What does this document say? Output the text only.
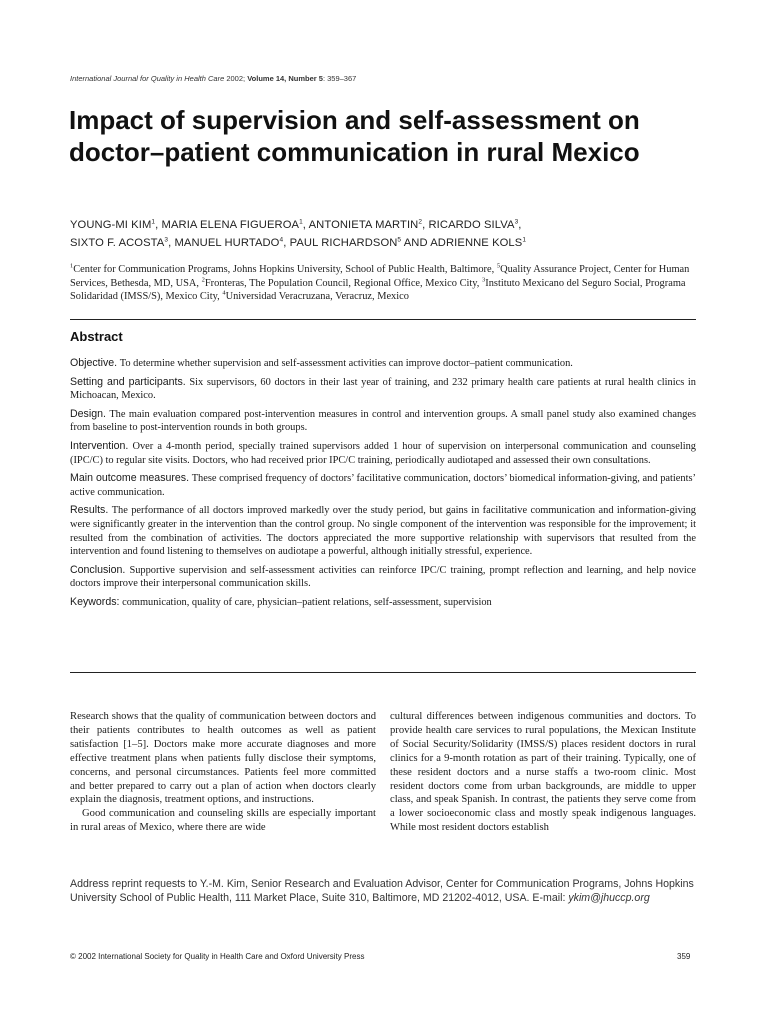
International Journal for Quality in Health Care 2002; Volume 14, Number 5: 359–367
Impact of supervision and self-assessment on doctor–patient communication in rural Mexico
YOUNG-MI KIM$^1$, MARIA ELENA FIGUEROA$^1$, ANTONIETA MARTIN$^2$, RICARDO SILVA$^3$,
SIXTO F. ACOSTA$^3$, MANUEL HURTADO$^4$, PAUL RICHARDSON$^5$ AND ADRIENNE KOLS$^1$
$^1$Center for Communication Programs, Johns Hopkins University, School of Public Health, Baltimore, $^5$Quality Assurance Project, Center for Human Services, Bethesda, MD, USA, $^2$Fronteras, The Population Council, Regional Office, Mexico City, $^3$Instituto Mexicano del Seguro Social, Programa Solidaridad (IMSS/S), Mexico City, $^4$Universidad Veracruzana, Veracruz, Mexico
Abstract

Objective. To determine whether supervision and self-assessment activities can improve doctor–patient communication.

Setting and participants. Six supervisors, 60 doctors in their last year of training, and 232 primary health care patients at rural health clinics in Michoacan, Mexico.

Design. The main evaluation compared post-intervention measures in control and intervention groups. A small panel study also examined changes from baseline to post-intervention rounds in both groups.

Intervention. Over a 4-month period, specially trained supervisors added 1 hour of supervision on interpersonal communication and counseling (IPC/C) to regular site visits. Doctors, who had received prior IPC/C training, periodically audiotaped and assessed their own consultations.

Main outcome measures. These comprised frequency of doctors’ facilitative communication, doctors’ biomedical information-giving, and patients’ active communication.

Results. The performance of all doctors improved markedly over the study period, but gains in facilitative communication and information-giving were significantly greater in the intervention than the control group. No single component of the intervention was responsible for the improvement; it resulted from the combination of activities. The doctors appreciated the more supportive relationship with supervisors that resulted from the intervention and found listening to themselves on audiotape a powerful, although initially stressful, experience.

Conclusion. Supportive supervision and self-assessment activities can reinforce IPC/C training, prompt reflection and learning, and help novice doctors improve their interpersonal communication skills.

Keywords: communication, quality of care, physician–patient relations, self-assessment, supervision

Research shows that the quality of communication between doctors and their patients contributes to health outcomes as well as patient satisfaction [1–5]. Doctors make more accurate diagnoses and more effective treatment plans when patients fully disclose their symptoms, concerns, and personal circumstances. Patients feel more committed and better prepared to carry out a plan of action when doctors clearly explain the diagnosis, treatment options, and instructions.

Good communication and counseling skills are especially important in rural areas of Mexico, where there are wide

cultural differences between indigenous communities and doctors. To provide health care services to rural populations, the Mexican Institute of Social Security/Solidarity (IMSS/S) places resident doctors in rural clinics for a 9-month rotation as part of their training. Typically, one of these resident doctors and a nurse staffs a two-room clinic. Most resident doctors come from urban backgrounds, are middle to upper class, and speak Spanish. In contrast, the patients they serve come from a lower socioeconomic class and mostly speak indigenous languages. While most resident doctors establish

Address reprint requests to Y.-M. Kim, Senior Research and Evaluation Advisor, Center for Communication Programs, Johns Hopkins University School of Public Health, 111 Market Place, Suite 310, Baltimore, MD 21202-4012, USA. E-mail: ykim@jhuccp.org
© 2002 International Society for Quality in Health Care and Oxford University Press	359
